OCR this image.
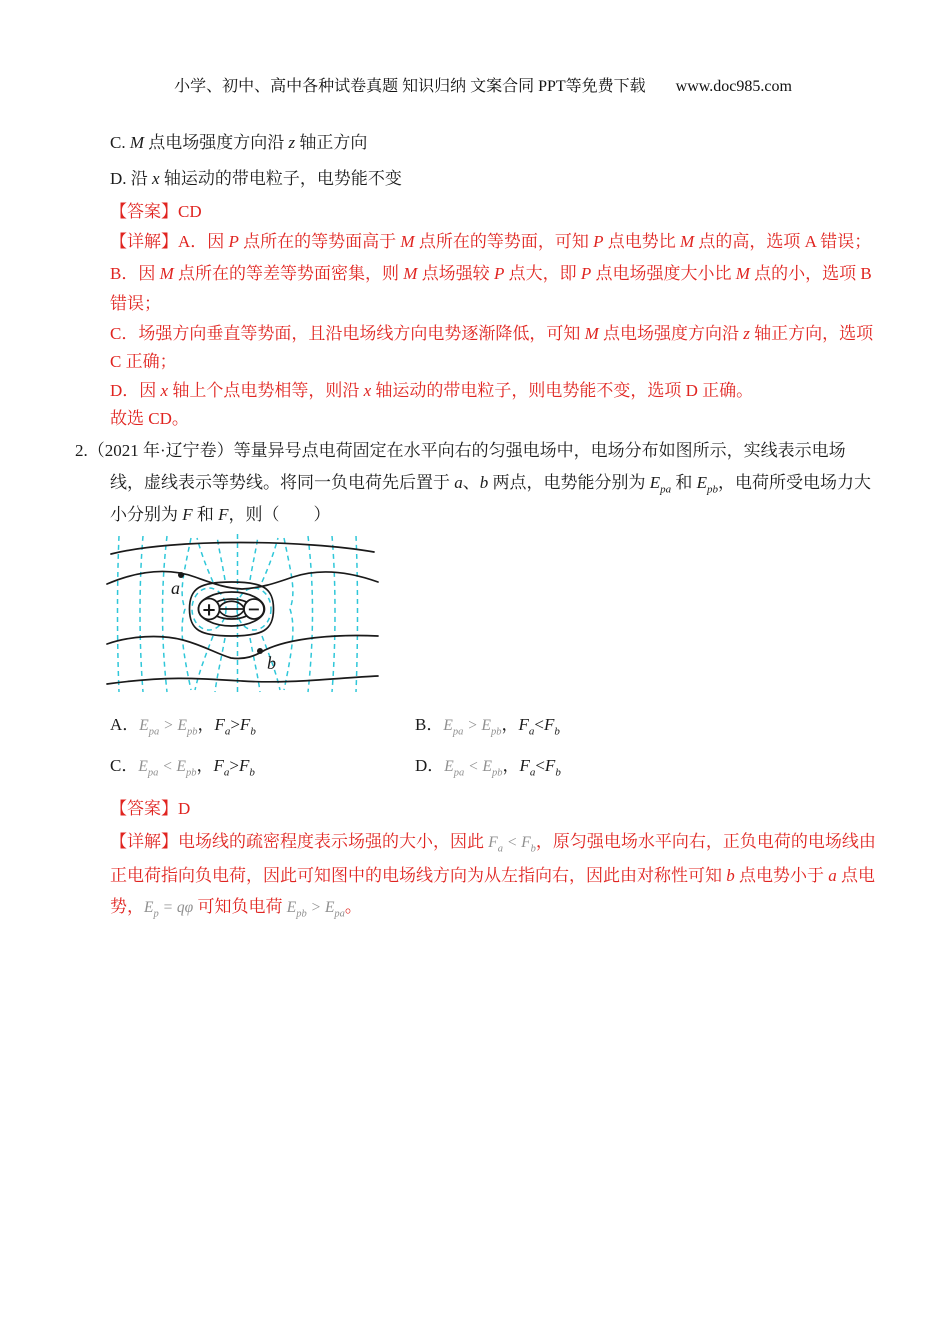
小学、初中、高中各种试卷真题 知识归纳 文案合同 PPT等免费下载 www.doc985.com

C. M 点电场强度方向沿 z 轴正方向
D. 沿 x 轴运动的带电粒子，电势能不变
【答案】CD
【详解】A．因 P 点所在的等势面高于 M 点所在的等势面，可知 P 点电势比 M 点的高，选项 A 错误；
B．因 M 点所在的等差等势面密集，则 M 点场强较 P 点大，即 P 点电场强度大小比 M 点的小，选项 B
错误；
C．场强方向垂直等势面，且沿电场线方向电势逐渐降低，可知 M 点电场强度方向沿 z 轴正方向，选项
C 正确；
D．因 x 轴上个点电势相等，则沿 x 轴运动的带电粒子，则电势能不变，选项 D 正确。
故选 CD。
2.（2021 年·辽宁卷）等量异号点电荷固定在水平向右的匀强电场中，电场分布如图所示，实线表示电场
线，虚线表示等势线。将同一负电荷先后置于 a、b 两点，电势能分别为 $E_{pa}$ 和 $E_{pb}$，电荷所受电场力大
小分别为 F 和 F，则（　　）
+ −
a
b
A．$E_{pa} > E_{pb}$，$F_a>F_b$	B．$E_{pa} > E_{pb}$，$F_a<F_b$
C．$E_{pa} < E_{pb}$，$F_a>F_b$	D．$E_{pa} < E_{pb}$，$F_a<F_b$
【答案】D
【详解】电场线的疏密程度表示场强的大小，因此 $F_a < F_b$，原匀强电场水平向右，正负电荷的电场线由
正电荷指向负电荷，因此可知图中的电场线方向为从左指向右，因此由对称性可知 b 点电势小于 a 点电
势，$E_p = q\varphi$ 可知负电荷 $E_{pb} > E_{pa}$。
